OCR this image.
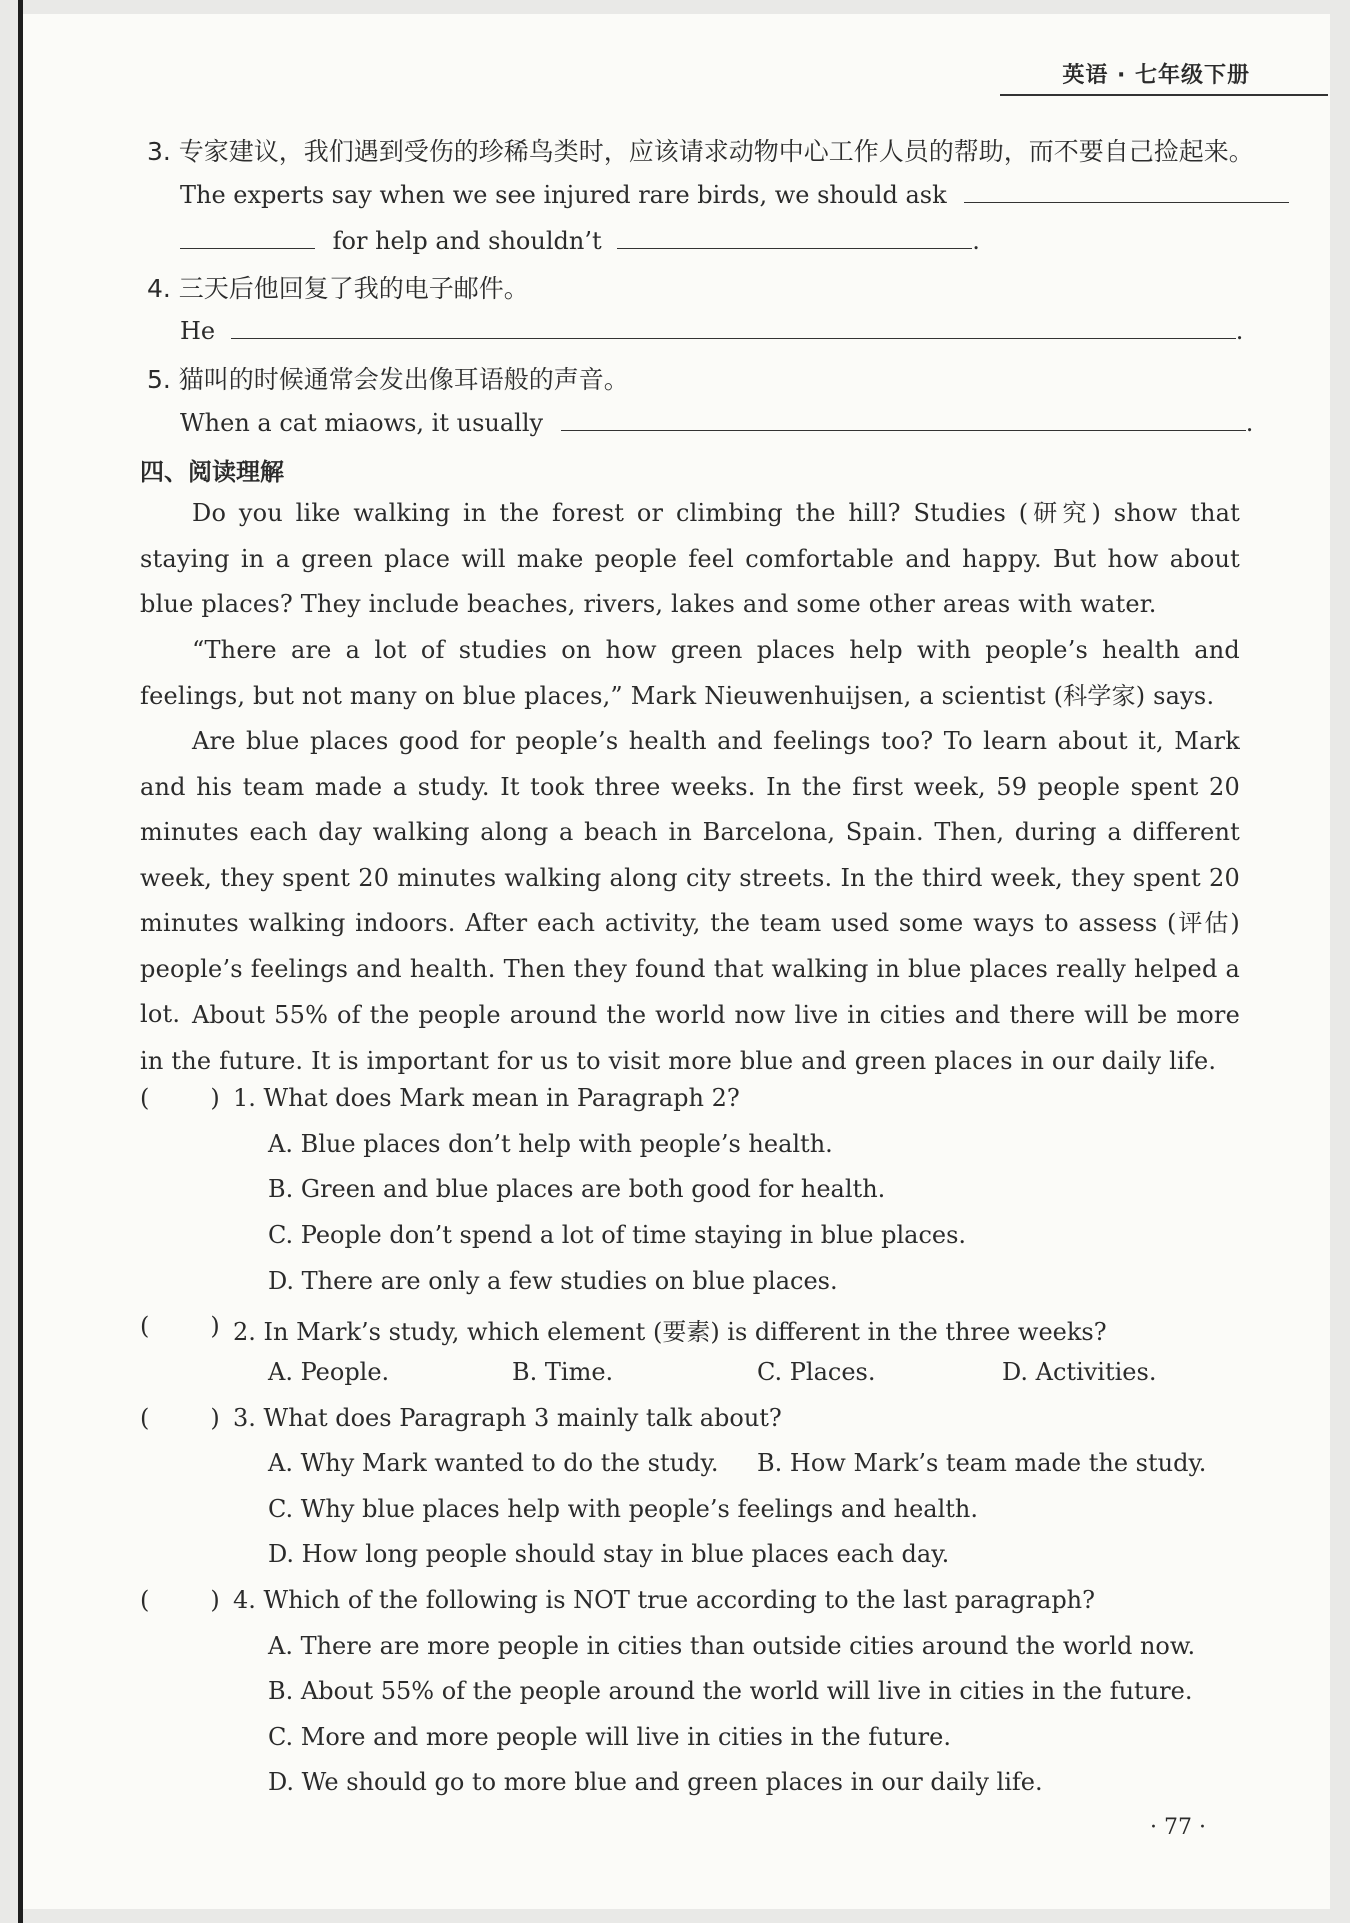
英语 · 七年级下册
3. 专家建议，我们遇到受伤的珍稀鸟类时，应该请求动物中心工作人员的帮助，而不要自己捡起来。
The experts say when we see injured rare birds, we should ask
for help and shouldn’t	.
4. 三天后他回复了我的电子邮件。
He	.
5. 猫叫的时候通常会发出像耳语般的声音。
When a cat miaows, it usually	.
四、阅读理解
Do you like walking in the forest or climbing the hill? Studies (研究) show that staying in a green place will make people feel comfortable and happy. But how about blue places? They include beaches, rivers, lakes and some other areas with water.
“There are a lot of studies on how green places help with people’s health and feelings, but not many on blue places,” Mark Nieuwenhuijsen, a scientist (科学家) says.
Are blue places good for people’s health and feelings too? To learn about it, Mark and his team made a study. It took three weeks. In the first week, 59 people spent 20 minutes each day walking along a beach in Barcelona, Spain. Then, during a different week, they spent 20 minutes walking along city streets. In the third week, they spent 20 minutes walking indoors. After each activity, the team used some ways to assess (评估) people’s feelings and health. Then they found that walking in blue places really helped a lot. About 55% of the people around the world now live in cities and there will be more in the future. It is important for us to visit more blue and green places in our daily life.
(        ) 1. What does Mark mean in Paragraph 2?
A. Blue places don’t help with people’s health.
B. Green and blue places are both good for health.
C. People don’t spend a lot of time staying in blue places.
D. There are only a few studies on blue places.
(        ) 2. In Mark’s study, which element (要素) is different in the three weeks?
A. People.	B. Time.	C. Places.	D. Activities.
(        ) 3. What does Paragraph 3 mainly talk about?
A. Why Mark wanted to do the study. B. How Mark’s team made the study.
C. Why blue places help with people’s feelings and health.
D. How long people should stay in blue places each day.
(        ) 4. Which of the following is NOT true according to the last paragraph?
A. There are more people in cities than outside cities around the world now.
B. About 55% of the people around the world will live in cities in the future.
C. More and more people will live in cities in the future.
D. We should go to more blue and green places in our daily life.
· 77 ·
